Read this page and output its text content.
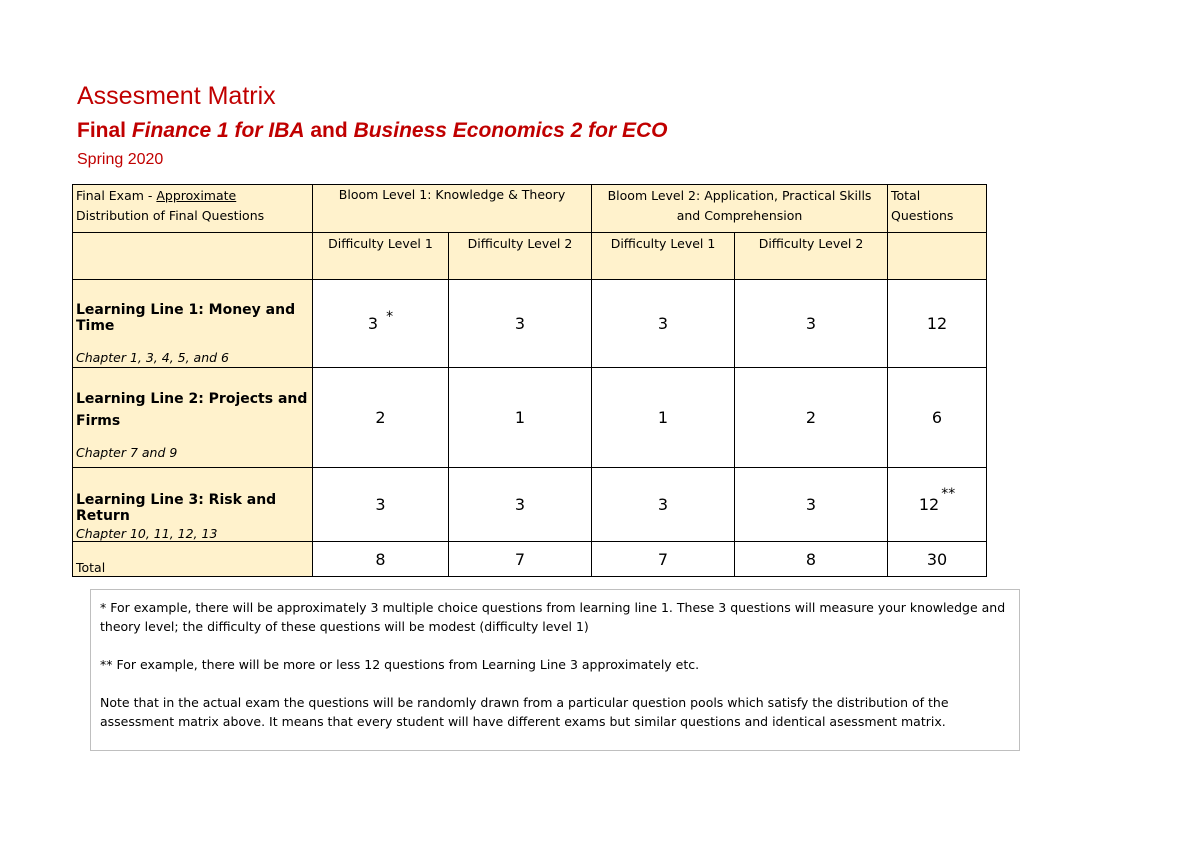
Assesment Matrix
Final Finance 1 for IBA and Business Economics 2 for ECO
Spring 2020
Final Exam - Approximate
Distribution of Final Questions	Bloom Level 1: Knowledge & Theory		Bloom Level 2: Application, Practical Skills and Comprehension		Total Questions
	Difficulty Level 1	Difficulty Level 2	Difficulty Level 1	Difficulty Level 2	

Learning Line 1: Money and Time
Chapter 1, 3, 4, 5, and 6	3 *	3	3	3	12

Learning Line 2: Projects and Firms
Chapter 7 and 9	2	1	1	2	6

Learning Line 3: Risk and Return
Chapter 10, 11, 12, 13	3	3	3	3	12**
Total	8	7	7	8	30

* For example, there will be approximately 3 multiple choice questions from learning line 1. These 3 questions will measure your knowledge and theory level; the difficulty of these questions will be modest (difficulty level 1)

** For example, there will be more or less 12 questions from Learning Line 3 approximately etc.

Note that in the actual exam the questions will be randomly drawn from a particular question pools which satisfy the distribution of the assessment matrix above. It means that every student will have different exams but similar questions and identical asessment matrix.
